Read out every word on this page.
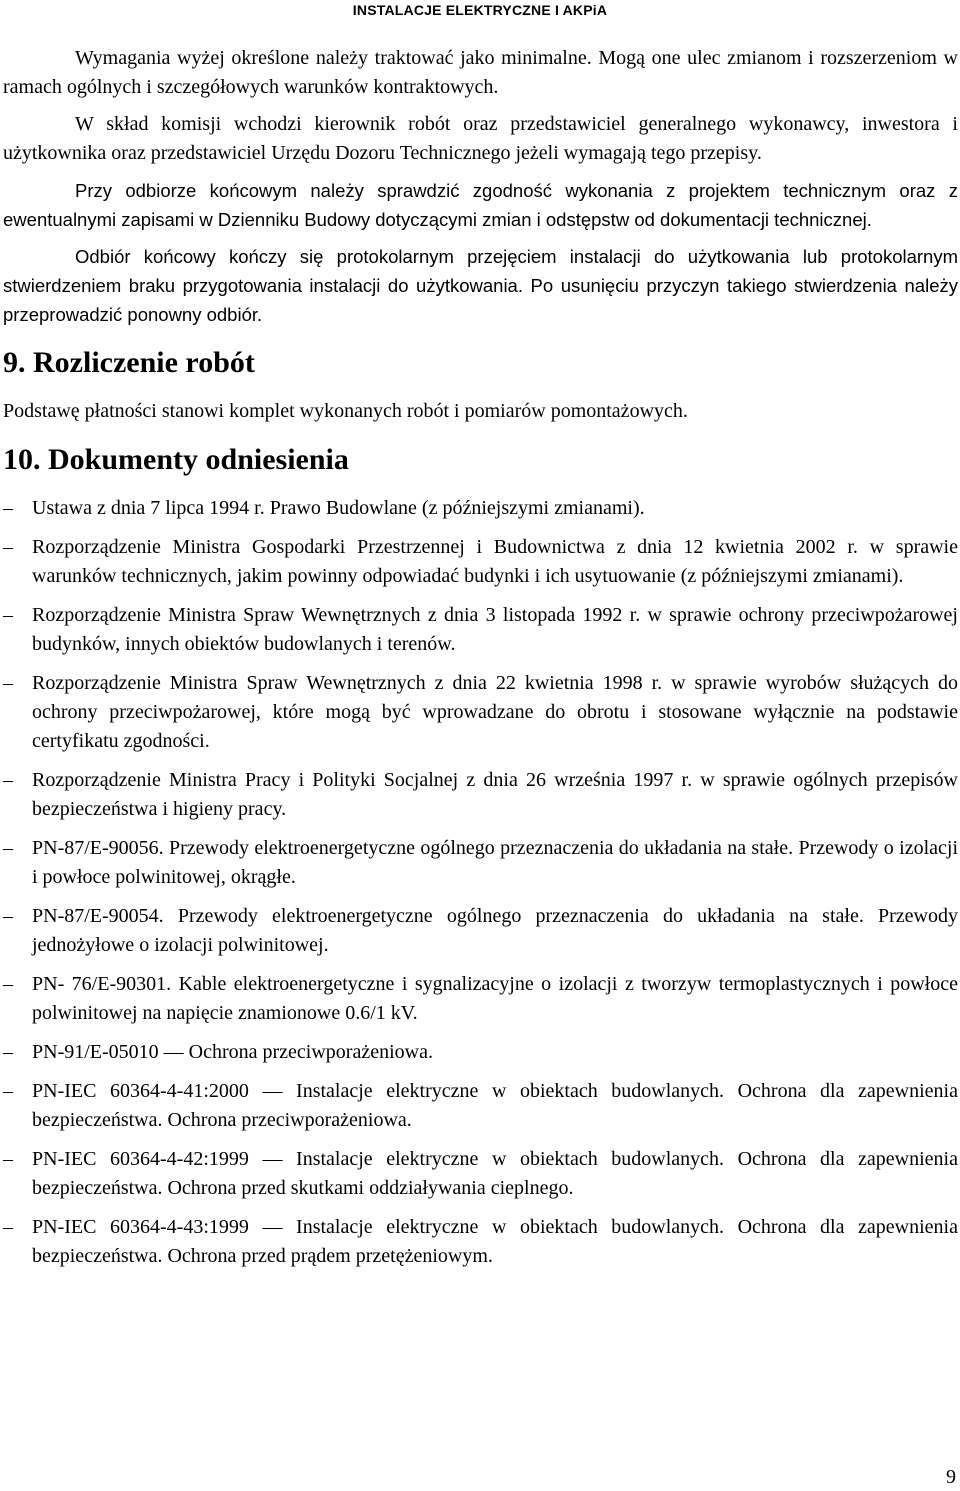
INSTALACJE ELEKTRYCZNE I AKPiA

Wymagania wyżej określone należy traktować jako minimalne. Mogą one ulec zmianom i rozszerzeniom w ramach ogólnych i szczegółowych warunków kontraktowych.

W skład komisji wchodzi kierownik robót oraz przedstawiciel generalnego wykonawcy, inwestora i użytkownika oraz przedstawiciel Urzędu Dozoru Technicznego jeżeli wymagają tego przepisy.

Przy odbiorze końcowym należy sprawdzić zgodność wykonania z projektem technicznym oraz z ewentualnymi zapisami w Dzienniku Budowy dotyczącymi zmian i odstępstw od dokumentacji technicznej.

Odbiór końcowy kończy się protokolarnym przejęciem instalacji do użytkowania lub protokolarnym stwierdzeniem braku przygotowania instalacji do użytkowania. Po usunięciu przyczyn takiego stwierdzenia należy przeprowadzić ponowny odbiór.

9. Rozliczenie robót

Podstawę płatności stanowi komplet wykonanych robót i pomiarów pomontażowych.

10. Dokumenty odniesienia
– Ustawa z dnia 7 lipca 1994 r. Prawo Budowlane (z późniejszymi zmianami).
– Rozporządzenie Ministra Gospodarki Przestrzennej i Budownictwa z dnia 12 kwietnia 2002 r. w sprawie warunków technicznych, jakim powinny odpowiadać budynki i ich usytuowanie (z późniejszymi zmianami).
– Rozporządzenie Ministra Spraw Wewnętrznych z dnia 3 listopada 1992 r. w sprawie ochrony przeciwpożarowej budynków, innych obiektów budowlanych i terenów.
– Rozporządzenie Ministra Spraw Wewnętrznych z dnia 22 kwietnia 1998 r. w sprawie wyrobów służących do ochrony przeciwpożarowej, które mogą być wprowadzane do obrotu i stosowane wyłącznie na podstawie certyfikatu zgodności.
– Rozporządzenie Ministra Pracy i Polityki Socjalnej z dnia 26 września 1997 r. w sprawie ogólnych przepisów bezpieczeństwa i higieny pracy.
– PN-87/E-90056. Przewody elektroenergetyczne ogólnego przeznaczenia do układania na stałe. Przewody o izolacji i powłoce polwinitowej, okrągłe.
– PN-87/E-90054. Przewody elektroenergetyczne ogólnego przeznaczenia do układania na stałe. Przewody jednożyłowe o izolacji polwinitowej.
– PN- 76/E-90301. Kable elektroenergetyczne i sygnalizacyjne o izolacji z tworzyw termoplastycznych i powłoce polwinitowej na napięcie znamionowe 0.6/1 kV.
– PN-91/E-05010 ― Ochrona przeciwporażeniowa.
– PN-IEC 60364-4-41:2000 ― Instalacje elektryczne w obiektach budowlanych. Ochrona dla zapewnienia bezpieczeństwa. Ochrona przeciwporażeniowa.
– PN-IEC 60364-4-42:1999 ― Instalacje elektryczne w obiektach budowlanych. Ochrona dla zapewnienia bezpieczeństwa. Ochrona przed skutkami oddziaływania cieplnego.
– PN-IEC 60364-4-43:1999 ― Instalacje elektryczne w obiektach budowlanych. Ochrona dla zapewnienia bezpieczeństwa. Ochrona przed prądem przetężeniowym.
9
